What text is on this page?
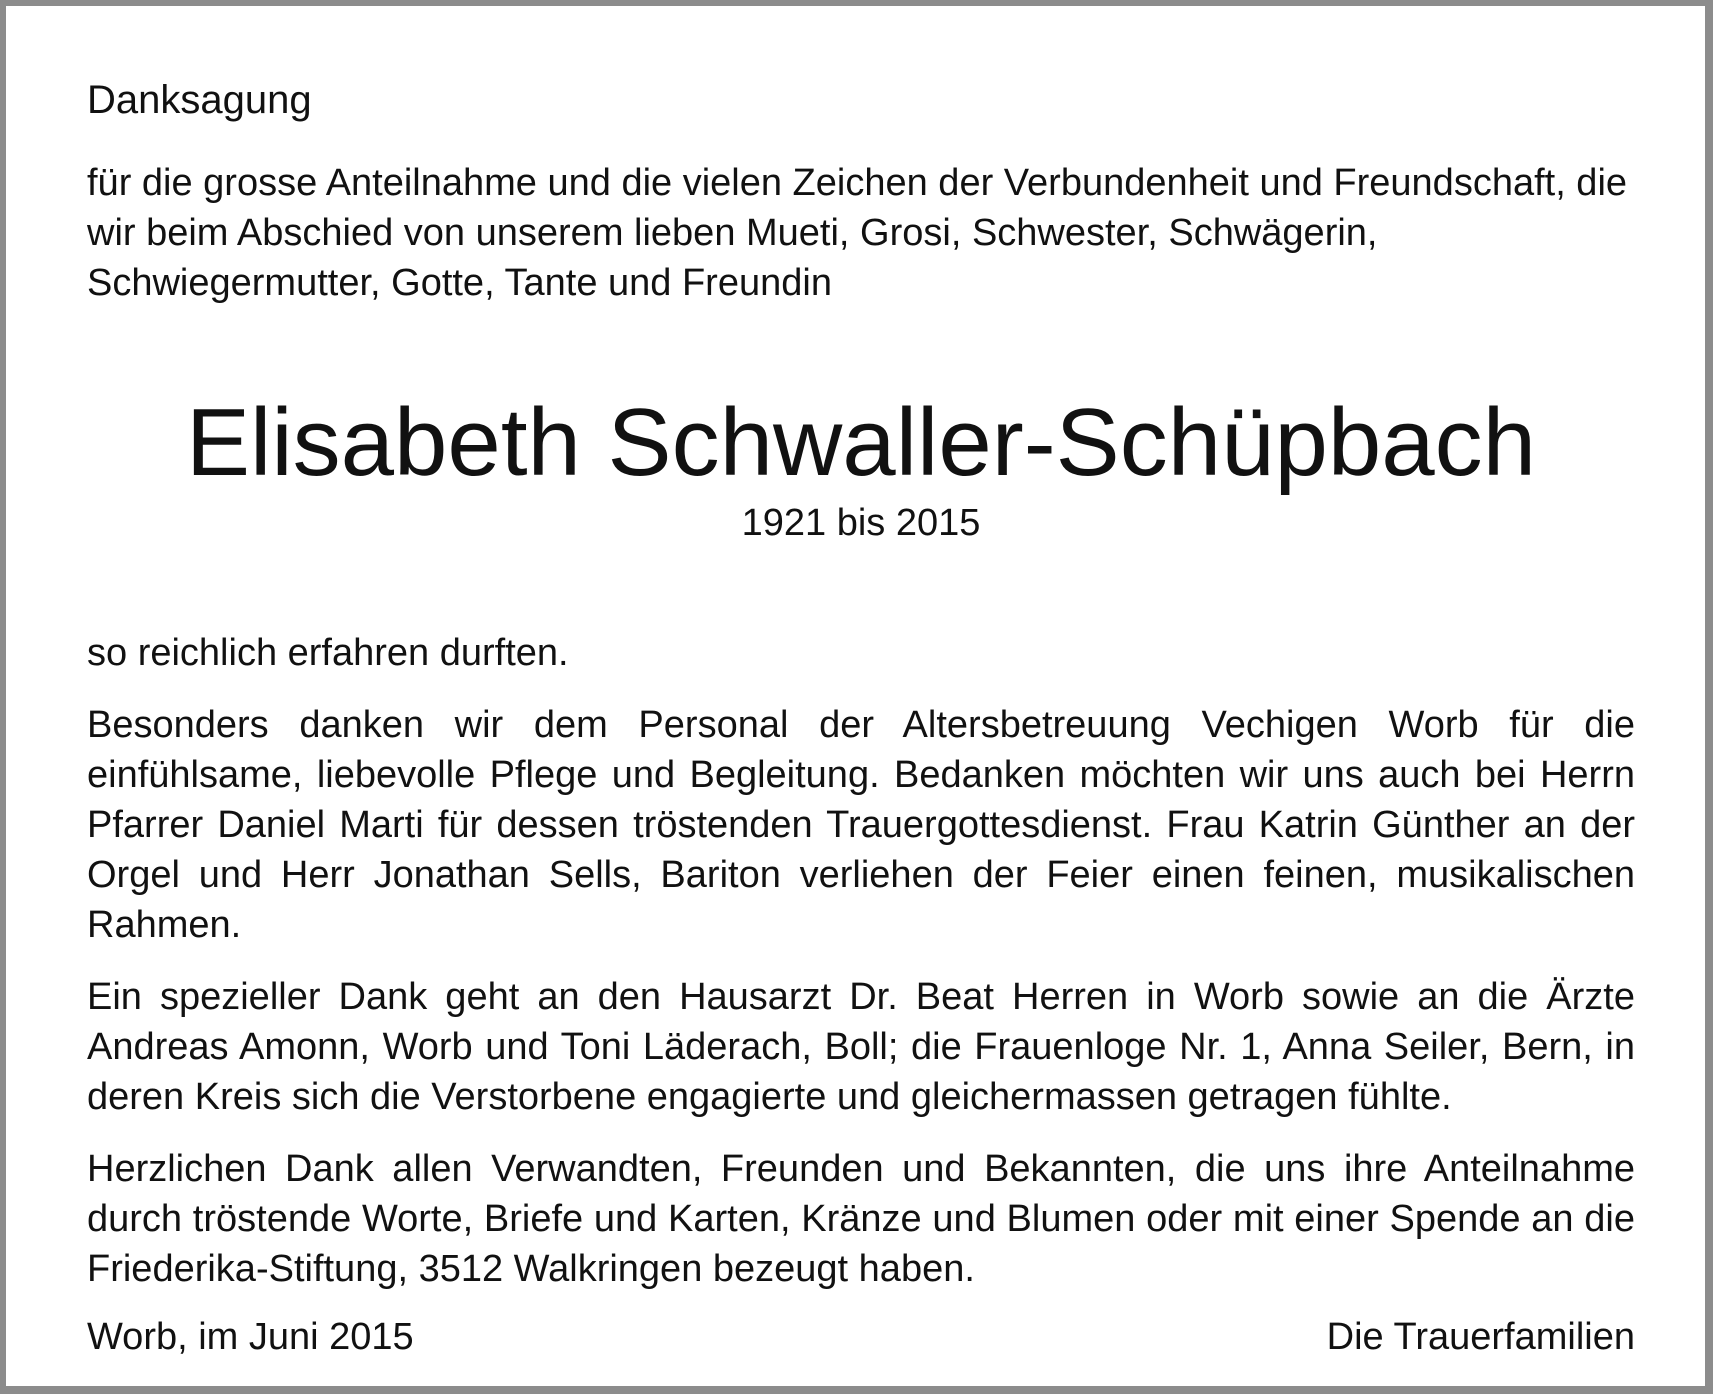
Danksagung

für die grosse Anteilnahme und die vielen Zeichen der Verbundenheit und Freundschaft, die wir beim Abschied von unserem lieben Mueti, Grosi, Schwester, Schwägerin, Schwiegermutter, Gotte, Tante und Freundin

Elisabeth Schwaller-Schüpbach

1921 bis 2015

so reichlich erfahren durften.

Besonders danken wir dem Personal der Altersbetreuung Vechigen Worb für die einfühlsame, liebevolle Pflege und Begleitung. Bedanken möchten wir uns auch bei Herrn Pfarrer Daniel Marti für dessen tröstenden Trauergottesdienst. Frau Katrin Günther an der Orgel und Herr Jonathan Sells, Bariton verliehen der Feier einen feinen, musikalischen Rahmen.

Ein spezieller Dank geht an den Hausarzt Dr. Beat Herren in Worb sowie an die Ärzte Andreas Amonn, Worb und Toni Läderach, Boll; die Frauenloge Nr. 1, Anna Seiler, Bern, in deren Kreis sich die Verstorbene engagierte und gleichermassen getragen fühlte.

Herzlichen Dank allen Verwandten, Freunden und Bekannten, die uns ihre Anteilnahme durch tröstende Worte, Briefe und Karten, Kränze und Blumen oder mit einer Spende an die Friederika-Stiftung, 3512 Walkringen bezeugt haben.

Worb, im Juni 2015	Die Trauerfamilien
